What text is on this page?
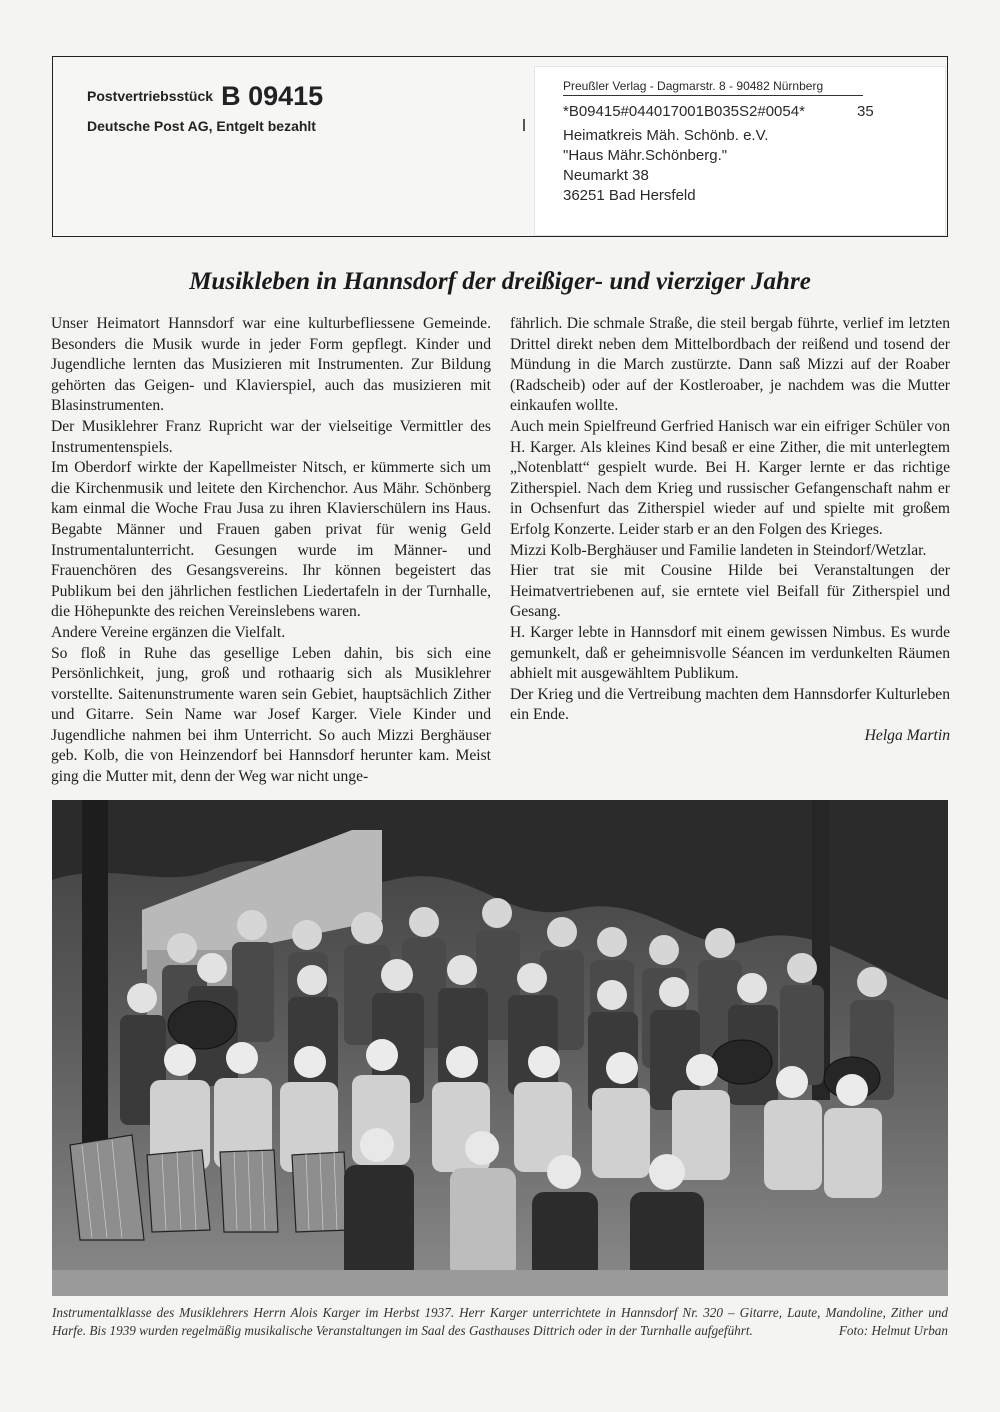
Postvertriebsstück B 09415
Deutsche Post AG, Entgelt bezahlt
Preußler Verlag - Dagmarstr. 8 - 90482 Nürnberg
*B09415#044017001B035S2#0054*	35
Heimatkreis Mäh. Schönb. e.V.
"Haus Mähr.Schönberg."
Neumarkt 38
36251 Bad Hersfeld
Musikleben in Hannsdorf der dreißiger- und vierziger Jahre

Unser Heimatort Hannsdorf war eine kulturbefliessene Gemeinde. Besonders die Musik wurde in jeder Form gepflegt. Kinder und Jugendliche lernten das Musizieren mit Instrumenten. Zur Bildung gehörten das Geigen- und Klavierspiel, auch das musizieren mit Blasinstrumenten.

Der Musiklehrer Franz Rupricht war der vielseitige Vermittler des Instrumentenspiels.

Im Oberdorf wirkte der Kapellmeister Nitsch, er kümmerte sich um die Kirchenmusik und leitete den Kirchenchor. Aus Mähr. Schönberg kam einmal die Woche Frau Jusa zu ihren Klavierschülern ins Haus. Begabte Männer und Frauen gaben privat für wenig Geld Instrumentalunterricht. Gesungen wurde im Männer- und Frauenchören des Gesangsvereins. Ihr können begeistert das Publikum bei den jährlichen festlichen Liedertafeln in der Turnhalle, die Höhepunkte des reichen Vereinslebens waren.

Andere Vereine ergänzen die Vielfalt.

So floß in Ruhe das gesellige Leben dahin, bis sich eine Persönlichkeit, jung, groß und rothaarig sich als Musiklehrer vorstellte. Saitenunstrumente waren sein Gebiet, hauptsächlich Zither und Gitarre. Sein Name war Josef Karger. Viele Kinder und Jugendliche nahmen bei ihm Unterricht. So auch Mizzi Berghäuser geb. Kolb, die von Heinzendorf bei Hannsdorf herunter kam. Meist ging die Mutter mit, denn der Weg war nicht unge-

fährlich. Die schmale Straße, die steil bergab führte, verlief im letzten Drittel direkt neben dem Mittelbordbach der reißend und tosend der Mündung in die March zustürzte. Dann saß Mizzi auf der Roaber (Radscheib) oder auf der Kostleroaber, je nachdem was die Mutter einkaufen wollte.

Auch mein Spielfreund Gerfried Hanisch war ein eifriger Schüler von H. Karger. Als kleines Kind besaß er eine Zither, die mit unterlegtem „Notenblatt“ gespielt wurde. Bei H. Karger lernte er das richtige Zitherspiel. Nach dem Krieg und russischer Gefangenschaft nahm er in Ochsenfurt das Zitherspiel wieder auf und spielte mit großem Erfolg Konzerte. Leider starb er an den Folgen des Krieges.

Mizzi Kolb-Berghäuser und Familie landeten in Steindorf/Wetzlar.

Hier trat sie mit Cousine Hilde bei Veranstaltungen der Heimatvertriebenen auf, sie erntete viel Beifall für Zitherspiel und Gesang.

H. Karger lebte in Hannsdorf mit einem gewissen Nimbus. Es wurde gemunkelt, daß er geheimnisvolle Séancen im verdunkelten Räumen abhielt mit ausgewähltem Publikum.

Der Krieg und die Vertreibung machten dem Hannsdorfer Kulturleben ein Ende.

Helga Martin

Instrumentalklasse des Musiklehrers Herrn Alois Karger im Herbst 1937. Herr Karger unterrichtete in Hannsdorf Nr. 320 – Gitarre, Laute, Mandoline, Zither und Harfe. Bis 1939 wurden regelmäßig musikalische Veranstaltungen im Saal des Gasthauses Dittrich oder in der Turnhalle aufgeführt.	Foto: Helmut Urban
